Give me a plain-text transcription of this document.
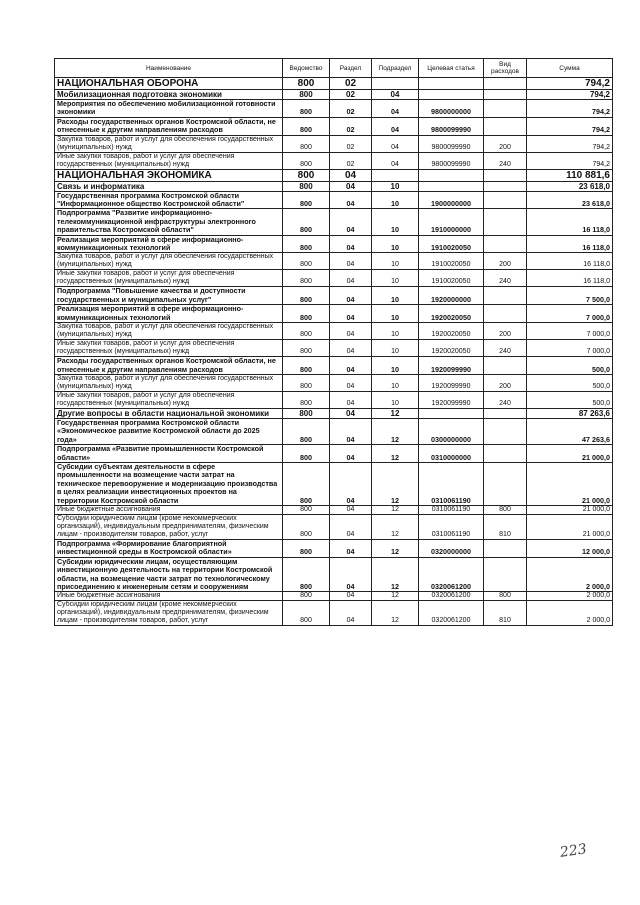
Наименование	Ведомство	Раздел	Подраздел	Целевая статья	Вид расходов	Сумма
НАЦИОНАЛЬНАЯ ОБОРОНА	800	02				794,2
Мобилизационная подготовка экономики	800	02	04			794,2
Мероприятия по обеспечению мобилизационной готовности экономики	800	02	04	9800000000		794,2
Расходы государственных органов Костромской области, не отнесенные к другим направлениям расходов	800	02	04	9800099990		794,2
Закупка товаров, работ и услуг для обеспечения государственных (муниципальных) нужд	800	02	04	9800099990	200	794,2
Иные закупки товаров, работ и услуг для обеспечения государственных (муниципальных) нужд	800	02	04	9800099990	240	794,2
НАЦИОНАЛЬНАЯ ЭКОНОМИКА	800	04				110 881,6
Связь и информатика	800	04	10			23 618,0
Государственная программа Костромской области "Информационное общество Костромской области"	800	04	10	1900000000		23 618,0
Подпрограмма "Развитие информационно-телекоммуникационной инфраструктуры электронного правительства Костромской области"	800	04	10	1910000000		16 118,0
Реализация мероприятий в сфере информационно-коммуникационных технологий	800	04	10	1910020050		16 118,0
Закупка товаров, работ и услуг для обеспечения государственных (муниципальных) нужд	800	04	10	1910020050	200	16 118,0
Иные закупки товаров, работ и услуг для обеспечения государственных (муниципальных) нужд	800	04	10	1910020050	240	16 118,0
Подпрограмма "Повышение качества и доступности государственных и муниципальных услуг"	800	04	10	1920000000		7 500,0
Реализация мероприятий в сфере информационно-коммуникационных технологий	800	04	10	1920020050		7 000,0
Закупка товаров, работ и услуг для обеспечения государственных (муниципальных) нужд	800	04	10	1920020050	200	7 000,0
Иные закупки товаров, работ и услуг для обеспечения государственных (муниципальных) нужд	800	04	10	1920020050	240	7 000,0
Расходы государственных органов Костромской области, не отнесенные к другим направлениям расходов	800	04	10	1920099990		500,0
Закупка товаров, работ и услуг для обеспечения государственных (муниципальных) нужд	800	04	10	1920099990	200	500,0
Иные закупки товаров, работ и услуг для обеспечения государственных (муниципальных) нужд	800	04	10	1920099990	240	500,0
Другие вопросы в области национальной экономики	800	04	12			87 263,6
Государственная программа Костромской области «Экономическое развитие Костромской области до 2025 года»	800	04	12	0300000000		47 263,6
Подпрограмма «Развитие промышленности Костромской области»	800	04	12	0310000000		21 000,0
Субсидии субъектам деятельности в сфере промышленности на возмещение части затрат на техническое перевооружение и модернизацию производства в целях реализации инвестиционных проектов на территории Костромской области	800	04	12	0310061190		21 000,0
Иные бюджетные ассигнования	800	04	12	0310061190	800	21 000,0
Субсидии юридическим лицам (кроме некоммерческих организаций), индивидуальным предпринимателям, физическим лицам - производителям товаров, работ, услуг	800	04	12	0310061190	810	21 000,0
Подпрограмма «Формирование благоприятной инвестиционной среды в Костромской области»	800	04	12	0320000000		12 000,0
Субсидии юридическим лицам, осуществляющим инвестиционную деятельность на территории Костромской области, на возмещение части затрат по технологическому присоединению к инженерным сетям и сооружениям	800	04	12	0320061200		2 000,0
Иные бюджетные ассигнования	800	04	12	0320061200	800	2 000,0
Субсидии юридическим лицам (кроме некоммерческих организаций), индивидуальным предпринимателям, физическим лицам - производителям товаров, работ, услуг	800	04	12	0320061200	810	2 000,0
223
